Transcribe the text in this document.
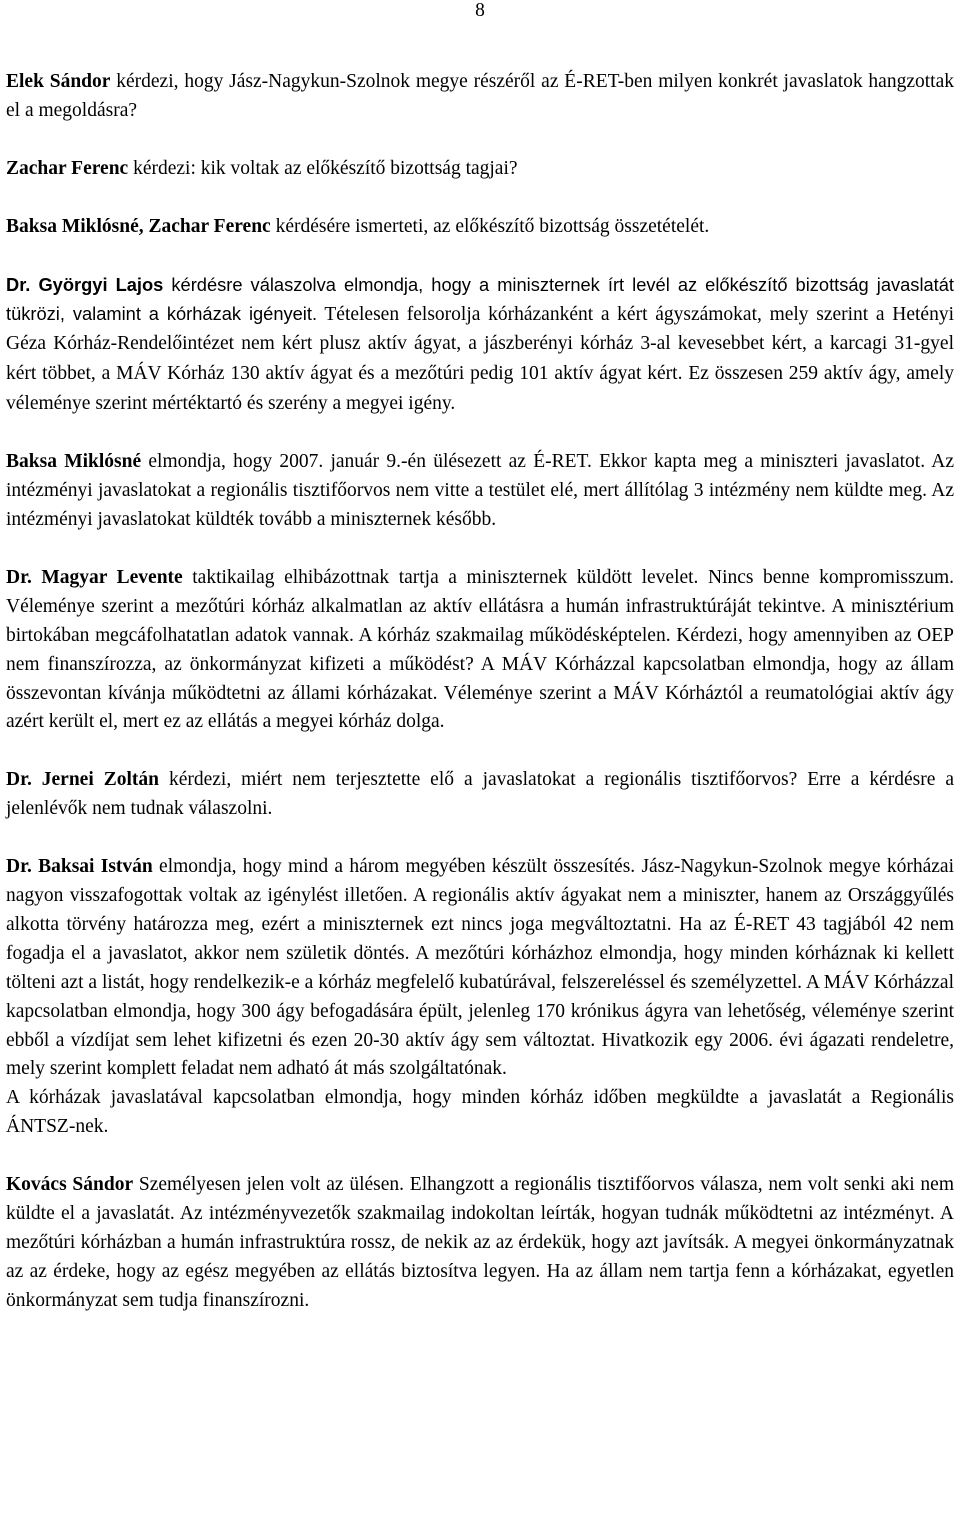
8

Elek Sándor kérdezi, hogy Jász-Nagykun-Szolnok megye részéről az É-RET-ben milyen konkrét javaslatok hangzottak el a megoldásra?

Zachar Ferenc kérdezi: kik voltak az előkészítő bizottság tagjai?

Baksa Miklósné, Zachar Ferenc kérdésére ismerteti, az előkészítő bizottság összetételét.

Dr. Györgyi Lajos kérdésre válaszolva elmondja, hogy a miniszternek írt levél az előkészítő bizottság javaslatát tükrözi, valamint a kórházak igényeit. Tételesen felsorolja kórházanként a kért ágyszámokat, mely szerint a Hetényi Géza Kórház-Rendelőintézet nem kért plusz aktív ágyat, a jászberényi kórház 3-al kevesebbet kért, a karcagi 31-gyel kért többet, a MÁV Kórház 130 aktív ágyat és a mezőtúri pedig 101 aktív ágyat kért. Ez összesen 259 aktív ágy, amely véleménye szerint mértéktartó és szerény a megyei igény.

Baksa Miklósné elmondja, hogy 2007. január 9.-én ülésezett az É-RET. Ekkor kapta meg a miniszteri javaslatot. Az intézményi javaslatokat a regionális tisztifőorvos nem vitte a testület elé, mert állítólag 3 intézmény nem küldte meg. Az intézményi javaslatokat küldték tovább a miniszternek később.

Dr. Magyar Levente taktikailag elhibázottnak tartja a miniszternek küldött levelet. Nincs benne kompromisszum. Véleménye szerint a mezőtúri kórház alkalmatlan az aktív ellátásra a humán infrastruktúráját tekintve. A minisztérium birtokában megcáfolhatatlan adatok vannak. A kórház szakmailag működésképtelen. Kérdezi, hogy amennyiben az OEP nem finanszírozza, az önkormányzat kifizeti a működést? A MÁV Kórházzal kapcsolatban elmondja, hogy az állam összevontan kívánja működtetni az állami kórházakat. Véleménye szerint a MÁV Kórháztól a reumatológiai aktív ágy azért került el, mert ez az ellátás a megyei kórház dolga.

Dr. Jernei Zoltán kérdezi, miért nem terjesztette elő a javaslatokat a regionális tisztifőorvos? Erre a kérdésre a jelenlévők nem tudnak válaszolni.

Dr. Baksai István elmondja, hogy mind a három megyében készült összesítés. Jász-Nagykun-Szolnok megye kórházai nagyon visszafogottak voltak az igénylést illetően. A regionális aktív ágyakat nem a miniszter, hanem az Országgyűlés alkotta törvény határozza meg, ezért a miniszternek ezt nincs joga megváltoztatni. Ha az É-RET 43 tagjából 42 nem fogadja el a javaslatot, akkor nem születik döntés. A mezőtúri kórházhoz elmondja, hogy minden kórháznak ki kellett tölteni azt a listát, hogy rendelkezik-e a kórház megfelelő kubatúrával, felszereléssel és személyzettel. A MÁV Kórházzal kapcsolatban elmondja, hogy 300 ágy befogadására épült, jelenleg 170 krónikus ágyra van lehetőség, véleménye szerint ebből a vízdíjat sem lehet kifizetni és ezen 20-30 aktív ágy sem változtat. Hivatkozik egy 2006. évi ágazati rendeletre, mely szerint komplett feladat nem adható át más szolgáltatónak.

A kórházak javaslatával kapcsolatban elmondja, hogy minden kórház időben megküldte a javaslatát a Regionális ÁNTSZ-nek.

Kovács Sándor Személyesen jelen volt az ülésen. Elhangzott a regionális tisztifőorvos válasza, nem volt senki aki nem küldte el a javaslatát. Az intézményvezetők szakmailag indokoltan leírták, hogyan tudnák működtetni az intézményt. A mezőtúri kórházban a humán infrastruktúra rossz, de nekik az az érdekük, hogy azt javítsák. A megyei önkormányzatnak az az érdeke, hogy az egész megyében az ellátás biztosítva legyen. Ha az állam nem tartja fenn a kórházakat, egyetlen önkormányzat sem tudja finanszírozni.
